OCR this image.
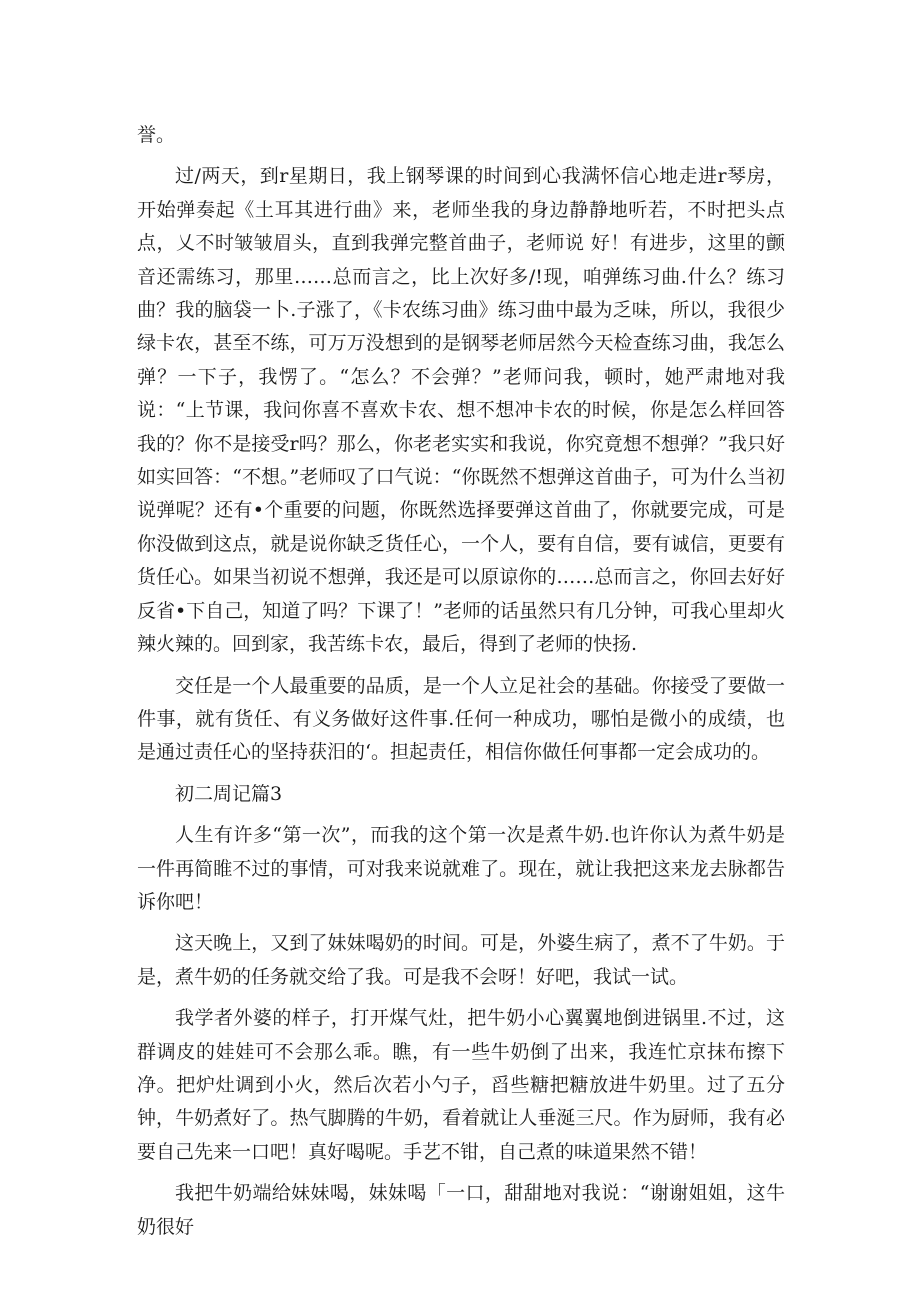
誉。

过/两天，到r星期日，我上钢琴课的时间到心我满怀信心地走进r琴房，开始弹奏起《土耳其进行曲》来，老师坐我的身边静静地听若，不时把头点点，乂不时皱皱眉头，直到我弹完整首曲子，老师说 好！有进步，这里的颤音还需练习，那里……总而言之，比上次好多/!现，咱弹练习曲.什么？练习曲？我的脑袋一卜.子涨了，《卡农练习曲》练习曲中最为乏味，所以，我很少绿卡农，甚至不练，可万万没想到的是钢琴老师居然今天检查练习曲，我怎么弹？一下子，我愣了。“怎么？不会弹？”老师问我，顿时，她严肃地对我说：“上节课，我问你喜不喜欢卡农、想不想冲卡农的时候，你是怎么样回答我的？你不是接受r吗？那么，你老老实实和我说，你究竟想不想弹？”我只好如实回答：“不想。”老师叹了口气说：“你既然不想弹这首曲子，可为什么当初说弹呢？还有•个重要的问题，你既然选择要弹这首曲了，你就要完成，可是你没做到这点，就是说你缺乏货任心，一个人，要有自信，要有诚信，更要有货任心。如果当初说不想弹，我还是可以原谅你的……总而言之，你回去好好反省•下自己，知道了吗？下课了！”老师的话虽然只有几分钟，可我心里却火辣火辣的。回到家，我苦练卡农，最后，得到了老师的快扬.

交任是一个人最重要的品质，是一个人立足社会的基础。你接受了要做一件事，就有货任、有义务做好这件事.任何一种成功，哪怕是微小的成绩，也是通过责任心的坚持获汨的‘。担起责任，相信你做任何事都一定会成功的。

初二周记篇3

人生有许多“第一次”，而我的这个第一次是煮牛奶.也许你认为煮牛奶是一件再简睢不过的事情，可对我来说就难了。现在，就让我把这来龙去脉都告诉你吧！

这天晚上，又到了妹妹喝奶的时间。可是，外婆生病了，煮不了牛奶。于是，煮牛奶的任务就交给了我。可是我不会呀！好吧，我试一试。

我学者外婆的样子，打开煤气灶，把牛奶小心翼翼地倒进锅里.不过，这群调皮的娃娃可不会那么乖。瞧，有一些牛奶倒了出来，我连忙京抹布擦下净。把炉灶调到小火，然后次若小勺子，舀些糖把糖放进牛奶里。过了五分钟，牛奶煮好了。热气脚腾的牛奶，看着就让人垂涎三尺。作为厨师，我有必要自己先来一口吧！真好喝呢。手艺不钳，自己煮的味道果然不错！

我把牛奶端给妹妹喝，妹妹喝「一口，甜甜地对我说：“谢谢姐姐，这牛奶很好
